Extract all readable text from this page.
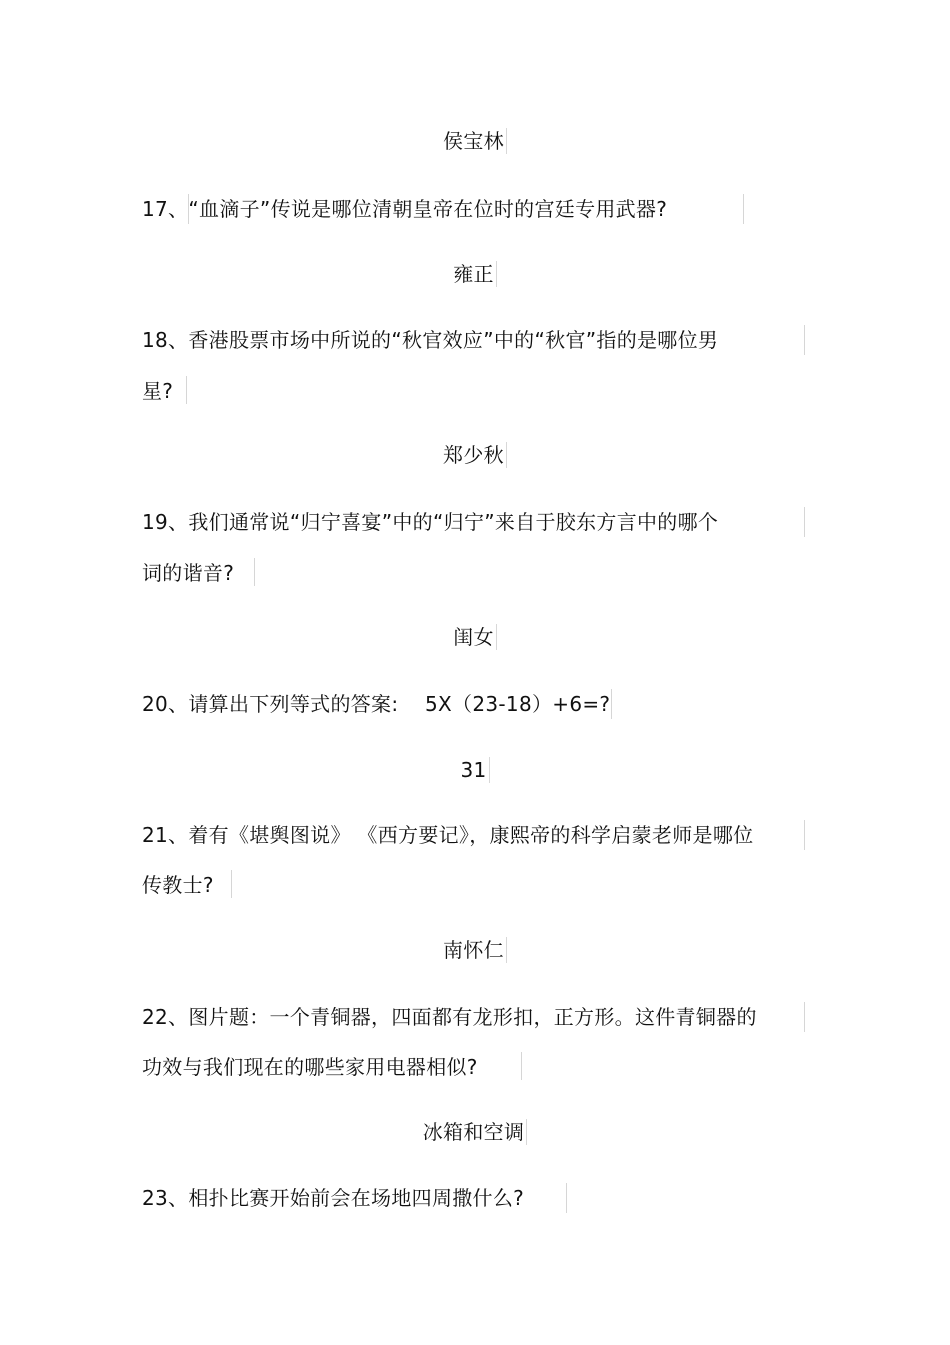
侯宝林
17、“血滴子”传说是哪位清朝皇帝在位时的宫廷专用武器?
雍正
18、香港股票市场中所说的“秋官效应”中的“秋官”指的是哪位男
星?
郑少秋
19、我们通常说“归宁喜宴”中的“归宁”来自于胶东方言中的哪个
词的谐音?
闺女
20、请算出下列等式的答案:    5X（23-18）+6=?
31
21、着有《堪舆图说》 《西方要记》，康熙帝的科学启蒙老师是哪位
传教士?
南怀仁
22、图片题：一个青铜器，四面都有龙形扣，正方形。这件青铜器的
功效与我们现在的哪些家用电器相似?
冰箱和空调
23、相扑比赛开始前会在场地四周撒什么?
